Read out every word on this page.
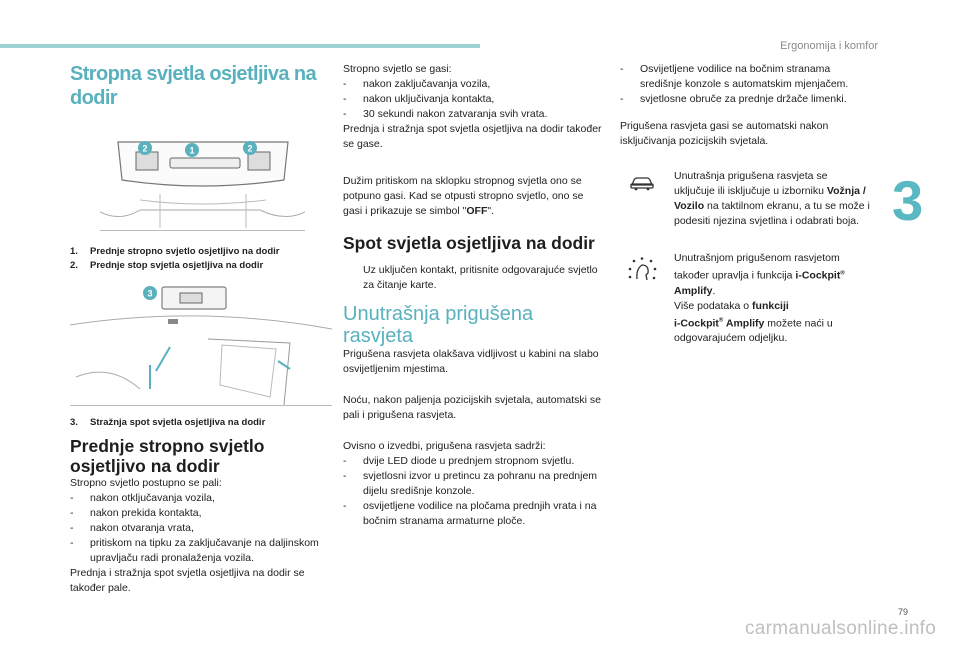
Ergonomija i komfor
3
Stropna svjetla osjetljiva na dodir
2	1	2

1. Prednje stropno svjetlo osjetljivo na dodir

2. Prednje stop svjetla osjetljiva na dodir

3

3. Stražnja spot svjetla osjetljiva na dodir

Prednje stropno svjetlo osjetljivo na dodir

Stropno svjetlo postupno se pali:

- nakon otključavanja vozila,

- nakon prekida kontakta,

- nakon otvaranja vrata,

- pritiskom na tipku za zaključavanje na daljinskom upravljaču radi pronalaženja vozila.

Prednja i stražnja spot svjetla osjetljiva na dodir se također pale.

Stropno svjetlo se gasi:

- nakon zaključavanja vozila,

- nakon uključivanja kontakta,

- 30 sekundi nakon zatvaranja svih vrata.

Prednja i stražnja spot svjetla osjetljiva na dodir također se gase.

Dužim pritiskom na sklopku stropnog svjetla ono se potpuno gasi. Kad se otpusti stropno svjetlo, ono se gasi i prikazuje se simbol "OFF".

Spot svjetla osjetljiva na dodir

Uz uključen kontakt, pritisnite odgovarajuće svjetlo za čitanje karte.

Unutrašnja prigušena rasvjeta

Prigušena rasvjeta olakšava vidljivost u kabini na slabo osvijetljenim mjestima.

Noću, nakon paljenja pozicijskih svjetala, automatski se pali i prigušena rasvjeta.

Ovisno o izvedbi, prigušena rasvjeta sadrži:

- dvije LED diode u prednjem stropnom svjetlu.

- svjetlosni izvor u pretincu za pohranu na prednjem dijelu središnje konzole.

- osvijetljene vodilice na pločama prednjih vrata i na bočnim stranama armaturne ploče.

- Osvijetljene vodilice na bočnim stranama središnje konzole s automatskim mjenjačem.

- svjetlosne obruče za prednje držače limenki.

Prigušena rasvjeta gasi se automatski nakon isključivanja pozicijskih svjetala.

Unutrašnja prigušena rasvjeta se uključuje ili isključuje u izborniku Vožnja / Vozilo na taktilnom ekranu, a tu se može i podesiti njezina svjetlina i odabrati boja.

Unutrašnjom prigušenom rasvjetom također upravlja i funkcija i-Cockpit®

Amplify.

Više podataka o funkciji

i-Cockpit® Amplify možete naći u odgovarajućem odjeljku.

79
carmanualsonline.info
